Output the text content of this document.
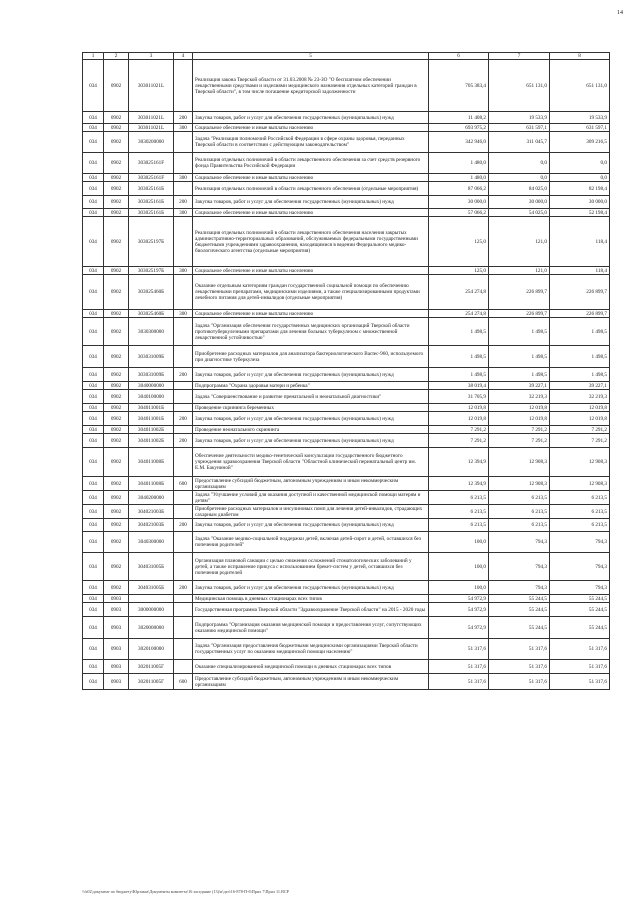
14
1	2	3	4	5	6	7	8
034	0902	303011021L		Реализация закона Тверской области от 31.03.2008 № 23-ЗО "О бесплатном обеспечении лекарственными средствами и изделиями медицинского назначения отдельных категорий граждан в Тверской области", в том числе погашение кредиторской задолженности	705 383,4	651 131,0	651 131,0
034	0902	303011021L	200	Закупка товаров, работ и услуг для обеспечения государственных (муниципальных) нужд	11 408,2	19 533,9	19 533,9
034	0902	303011021L	300	Социальное обеспечение и иные выплаты населению	693 975,2	631 597,1	631 597,1
034	0902	3030200000		Задача "Реализация полномочий Российской Федерации в сфере охраны здоровья, переданных Тверской области в соответствии с действующим законодательством"	342 946,0	311 045,7	309 216,5
034	0902	303025161F		Реализация отдельных полномочий в области лекарственного обеспечения за счет средств резервного фонда Правительства Российской Федерации	1 480,0	0,0	0,0
034	0902	303025161F	300	Социальное обеспечение и иные выплаты населению	1 480,0	0,0	0,0
034	0902	303025161Б		Реализация отдельных полномочий в области лекарственного обеспечения (отдельные мероприятия)	87 066,2	84 025,0	82 198,4
034	0902	303025161Б	200	Закупка товаров, работ и услуг для обеспечения государственных (муниципальных) нужд	30 000,0	30 000,0	30 000,0
034	0902	303025161Б	300	Социальное обеспечение и иные выплаты населению	57 066,2	54 025,0	52 198,4
034	0902	303025197Б		Реализация отдельных полномочий в области лекарственного обеспечения населения закрытых административно-территориальных образований, обслуживаемых федеральными государственными бюджетными учреждениями здравоохранения, находящимися в ведении Федерального медико-биологического агентства (отдельные мероприятия)	125,0	121,0	118,4
034	0902	303025197Б	300	Социальное обеспечение и иные выплаты населению	125,0	121,0	118,4
034	0902	303025460Б		Оказание отдельным категориям граждан государственной социальной помощи по обеспечению лекарственными препаратами, медицинскими изделиями, а также специализированными продуктами лечебного питания для детей-инвалидов (отдельные мероприятия)	254 274,8	226 899,7	226 899,7
034	0902	303025460Б	300	Социальное обеспечение и иные выплаты населению	254 274,8	226 899,7	226 899,7
034	0902	3030300000		Задача "Организация обеспечения государственных медицинских организаций Тверской области противотуберкулезными препаратами для лечения больных туберкулезом с множественной лекарственной устойчивостью"	1 498,5	1 498,5	1 498,5
034	0902	303031009Б		Приобретение расходных материалов для анализатора бактериологического Bactec-960, используемого при диагностике туберкулеза	1 498,5	1 498,5	1 498,5
034	0902	303031009Б	200	Закупка товаров, работ и услуг для обеспечения государственных (муниципальных) нужд	1 498,5	1 498,5	1 498,5
034	0902	3040000000		Подпрограмма "Охрана здоровья матери и ребенка"	38 019,4	39 227,1	39 227,1
034	0902	3040100000		Задача "Совершенствование и развитие пренатальной и неонатальной диагностики"	31 705,9	32 219,3	32 219,3
034	0902	304011001Б		Проведение скрининга беременных	12 019,8	12 019,8	12 019,8
034	0902	304011001Б	200	Закупка товаров, работ и услуг для обеспечения государственных (муниципальных) нужд	12 019,8	12 019,8	12 019,8
034	0902	304011002Б		Проведение неонатального скрининга	7 291,2	7 291,2	7 291,2
034	0902	304011002Б	200	Закупка товаров, работ и услуг для обеспечения государственных (муниципальных) нужд	7 291,2	7 291,2	7 291,2
034	0902	304011008Б		Обеспечение деятельности медико-генетической консультации государственного бюджетного учреждения здравоохранения Тверской области "Областной клинический перинатальный центр им. Е.М. Бакуниной"	12 394,9	12 908,3	12 908,3
034	0902	304011008Б	600	Предоставление субсидий бюджетным, автономным учреждениям и иным некоммерческим организациям	12 394,9	12 908,3	12 908,3
034	0902	3040200000		Задача "Улучшение условий для оказания доступной и качественной медицинской помощи матерям и детям"	6 213,5	6 213,5	6 213,5
034	0902	304021003Б		Приобретение расходных материалов и инсулиновых помп для лечения детей-инвалидов, страдающих сахарным диабетом	6 213,5	6 213,5	6 213,5
034	0902	304021003Б	200	Закупка товаров, работ и услуг для обеспечения государственных (муниципальных) нужд	6 213,5	6 213,5	6 213,5
034	0902	3040300000		Задача "Оказание медико-социальной поддержки детей, включая детей-сирот и детей, оставшихся без попечения родителей"	100,0	794,3	794,3
034	0902	304031005Б		Организация плановой санации с целью снижения осложнений стоматологических заболеваний у детей, а также исправление прикуса с использованием брекет-систем у детей, оставшихся без попечения родителей	100,0	794,3	794,3
034	0902	304031005Б	200	Закупка товаров, работ и услуг для обеспечения государственных (муниципальных) нужд	100,0	794,3	794,3
034	0903			Медицинская помощь в дневных стационарах всех типов	54 972,9	55 244,5	55 244,5
034	0903	3000000000		Государственная программа Тверской области "Здравоохранение Тверской области" на 2015 - 2020 годы	54 972,9	55 244,5	55 244,5
034	0903	3020000000		Подпрограмма "Организация оказания медицинской помощи и предоставления услуг, сопутствующих оказанию медицинской помощи"	54 972,9	55 244,5	55 244,5
034	0903	3020100000		Задача "Организация предоставления бюджетными медицинскими организациями Тверской области государственных услуг по оказанию медицинской помощи населению"	51 317,6	51 317,6	51 317,6
034	0903	302011005Г		Оказание специализированной медицинской помощи в дневных стационарах всех типов	51 317,6	51 317,6	51 317,6
034	0903	302011005Г	600	Предоставление субсидий бюджетным, автономным учреждениям и иным некоммерческим организациям	51 317,6	51 317,6	51 317,6
\\fs02\документ по бюджету\Юрзаказ\Документы комитета\16 заседание (13)\и\дел\16-878-П-6\Прил 7\Прил 11.ВСР
